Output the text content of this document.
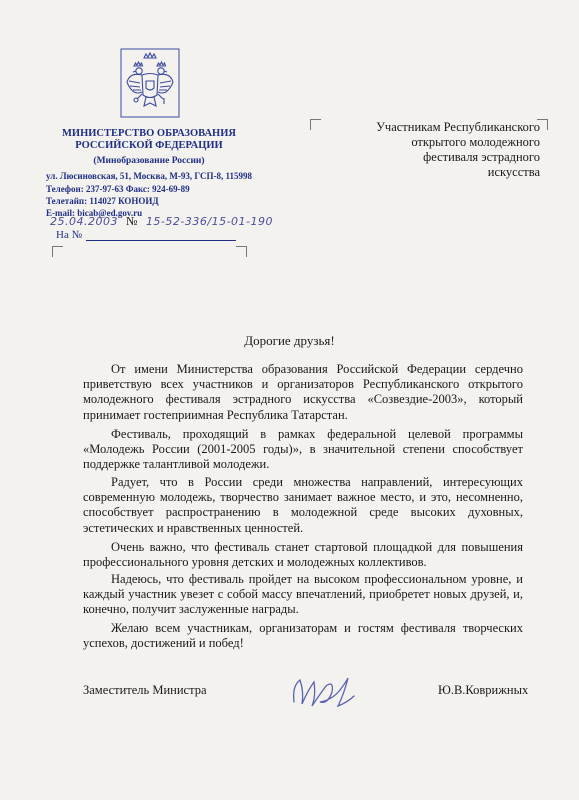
МИНИСТЕРСТВО ОБРАЗОВАНИЯ
РОССИЙСКОЙ ФЕДЕРАЦИИ
(Минобразование России)
ул. Люсиновская, 51, Москва, М-93, ГСП-8, 115998
Телефон: 237-97-63 Факс: 924-69-89
Телетайп: 114027 КОНОИД
E-mail: bicab@ed.gov.ru
25.04.2003 № 15-52-336/15-01-190
На №
Участникам Республиканского
открытого молодежного
фестиваля эстрадного
искусства
Дорогие друзья!
От имени Министерства образования Российской Федерации сердечно приветствую всех участников и организаторов Республиканского открытого молодежного фестиваля эстрадного искусства «Созвездие-2003», который принимает гостеприимная Республика Татарстан.
Фестиваль, проходящий в рамках федеральной целевой программы «Молодежь России (2001-2005 годы)», в значительной степени способствует поддержке талантливой молодежи.
Радует, что в России среди множества направлений, интересующих современную молодежь, творчество занимает важное место, и это, несомненно, способствует распространению в молодежной среде высоких духовных, эстетических и нравственных ценностей.
Очень важно, что фестиваль станет стартовой площадкой для повышения профессионального уровня детских и молодежных коллективов.
Надеюсь, что фестиваль пройдет на высоком профессиональном уровне, и каждый участник увезет с собой массу впечатлений, приобретет новых друзей, и, конечно, получит заслуженные награды.
Желаю всем участникам, организаторам и гостям фестиваля творческих успехов, достижений и побед!
Заместитель Министра	Ю.В.Коврижных
